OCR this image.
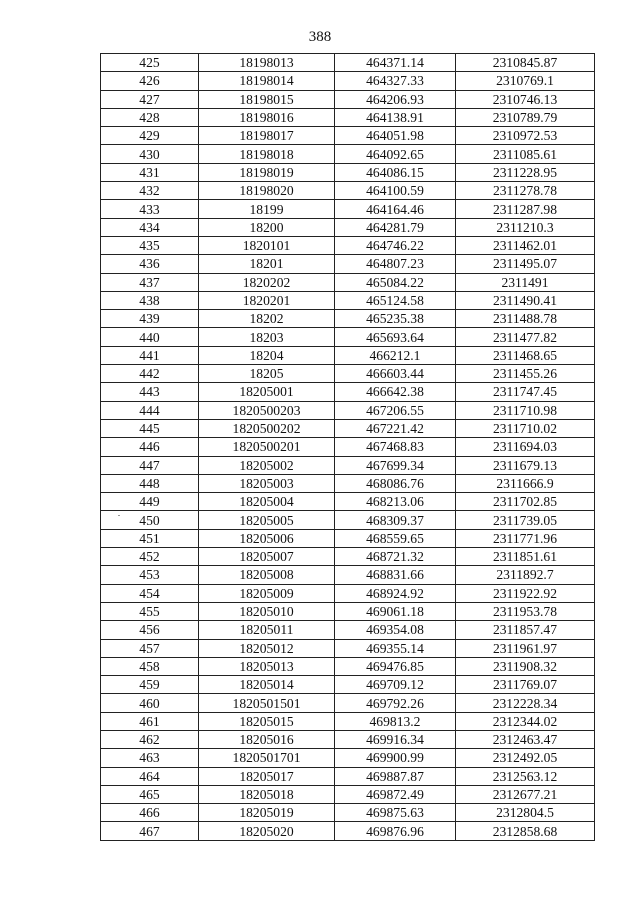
388
425	18198013	464371.14	2310845.87
426	18198014	464327.33	2310769.1
427	18198015	464206.93	2310746.13
428	18198016	464138.91	2310789.79
429	18198017	464051.98	2310972.53
430	18198018	464092.65	2311085.61
431	18198019	464086.15	2311228.95
432	18198020	464100.59	2311278.78
433	18199	464164.46	2311287.98
434	18200	464281.79	2311210.3
435	1820101	464746.22	2311462.01
436	18201	464807.23	2311495.07
437	1820202	465084.22	2311491
438	1820201	465124.58	2311490.41
439	18202	465235.38	2311488.78
440	18203	465693.64	2311477.82
441	18204	466212.1	2311468.65
442	18205	466603.44	2311455.26
443	18205001	466642.38	2311747.45
444	1820500203	467206.55	2311710.98
445	1820500202	467221.42	2311710.02
446	1820500201	467468.83	2311694.03
447	18205002	467699.34	2311679.13
448	18205003	468086.76	2311666.9
449	18205004	468213.06	2311702.85
450	18205005	468309.37	2311739.05
451	18205006	468559.65	2311771.96
452	18205007	468721.32	2311851.61
453	18205008	468831.66	2311892.7
454	18205009	468924.92	2311922.92
455	18205010	469061.18	2311953.78
456	18205011	469354.08	2311857.47
457	18205012	469355.14	2311961.97
458	18205013	469476.85	2311908.32
459	18205014	469709.12	2311769.07
460	1820501501	469792.26	2312228.34
461	18205015	469813.2	2312344.02
462	18205016	469916.34	2312463.47
463	1820501701	469900.99	2312492.05
464	18205017	469887.87	2312563.12
465	18205018	469872.49	2312677.21
466	18205019	469875.63	2312804.5
467	18205020	469876.96	2312858.68
